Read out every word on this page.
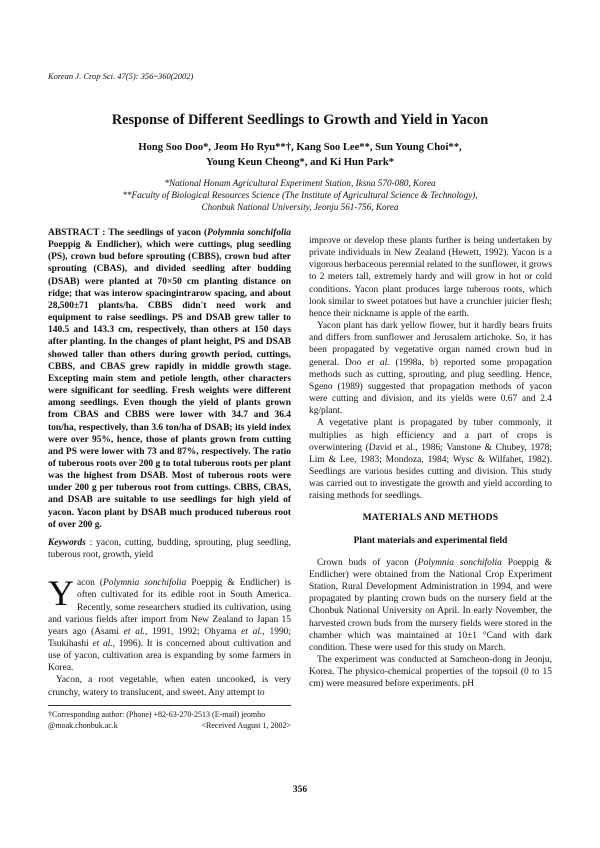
Korean J. Crop Sci. 47(5): 356~360(2002)
Response of Different Seedlings to Growth and Yield in Yacon
Hong Soo Doo*, Jeom Ho Ryu**†, Kang Soo Lee**, Sun Young Choi**,
Young Keun Cheong*, and Ki Hun Park*
*National Honam Agricultural Experiment Station, Iksna 570-080, Korea
**Faculty of Biological Resources Science (The Institute of Agricultural Science & Technology),
Chonbuk National University, Jeonju 561-756, Korea
ABSTRACT : The seedlings of yacon (Polymnia sonchifolia Poeppig & Endlicher), which were cuttings, plug seedling (PS), crown bud before sprouting (CBBS), crown bud after sprouting (CBAS), and divided seedling after budding (DSAB) were planted at 70×50 cm planting distance on ridge; that was interow spacingintrarow spacing, and about 28,500±71 plants/ha. CBBS didn't need work and equipment to raise seedlings. PS and DSAB grew taller to 140.5 and 143.3 cm, respectively, than others at 150 days after planting. In the changes of plant height, PS and DSAB showed taller than others during growth period, cuttings, CBBS, and CBAS grew rapidly in middle growth stage. Excepting main stem and petiole length, other characters were significant for seedling. Fresh weights were different among seedlings. Even though the yield of plants grown from CBAS and CBBS were lower with 34.7 and 36.4 ton/ha, respectively, than 3.6 ton/ha of DSAB; its yield index were over 95%, hence, those of plants grown from cutting and PS were lower with 73 and 87%, respectively. The ratio of tuberous roots over 200 g to total tuberous roots per plant was the highest from DSAB. Most of tuberous roots were under 200 g per tuberous root from cuttings. CBBS, CBAS, and DSAB are suitable to use seedlings for high yield of yacon. Yacon plant by DSAB much produced tuberous root of over 200 g.
Keywords : yacon, cutting, budding, sprouting, plug seedling, tuberous root, growth, yield

Yacon (Polymnia sonchifolia Poeppig & Endlicher) is often cultivated for its edible root in South America. Recently, some researchers studied its cultivation, using and various fields after import from New Zealand to Japan 15 years ago (Asami et al., 1991, 1992; Ohyama et al., 1990; Tsukihashi et al., 1996). It is concerned about cultivation and use of yacon, cultivation area is expanding by some farmers in Korea.

Yacon, a root vegetable, when eaten uncooked, is very crunchy, watery to translucent, and sweet. Any attempt to

†Corresponding author: (Phone) +82-63-270-2513 (E-mail) jeomho
@moak.chonbuk.ac.k	<Received August 1, 2002>

improve or develop these plants further is being undertaken by private individuals in New Zealand (Hewett, 1992). Yacon is a vigorous herbaceous perennial related to the sunflower, it grows to 2 meters tall, extremely hardy and will grow in hot or cold conditions. Yacon plant produces large tuberous roots, which look similar to sweet potatoes but have a crunchier juicier flesh; hence their nickname is apple of the earth.

Yacon plant has dark yellow flower, but it hardly bears fruits and differs from sunflower and Jerusalem artichoke. So, it has been propagated by vegetative organ named crown bud in general. Doo et al. (1998a, b) reported some propagation methods such as cutting, sprouting, and plug seedling. Hence, Sgeno (1989) suggested that propagation methods of yacon were cutting and division, and its yields were 0.67 and 2.4 kg/plant.

A vegetative plant is propagated by tuber commonly, it multiplies as high efficiency and a part of crops is overwintering (David et al., 1986; Vanstone & Chubey, 1978; Lim & Lee, 1983; Mondoza, 1984; Wysc & Wilfahet, 1982). Seedlings are various besides cutting and division. This study was carried out to investigate the growth and yield according to raising methods for seedlings.

MATERIALS AND METHODS
Plant materials and experimental field

Crown buds of yacon (Polymnia sonchifolia Poeppig & Endlicher) were obtained from the National Crop Experiment Station, Rural Development Administration in 1994, and were propagated by planting crown buds on the nursery field at the Chonbuk National University on April. In early November, the harvested crown buds from the nursery fields were stored in the chamber which was maintained at 10±1 °Cand with dark condition. These were used for this study on March.

The experiment was conducted at Samcheon-dong in Jeonju, Korea. The physico-chemical properties of the topsoil (0 to 15 cm) were measured before experiments. pH

356
